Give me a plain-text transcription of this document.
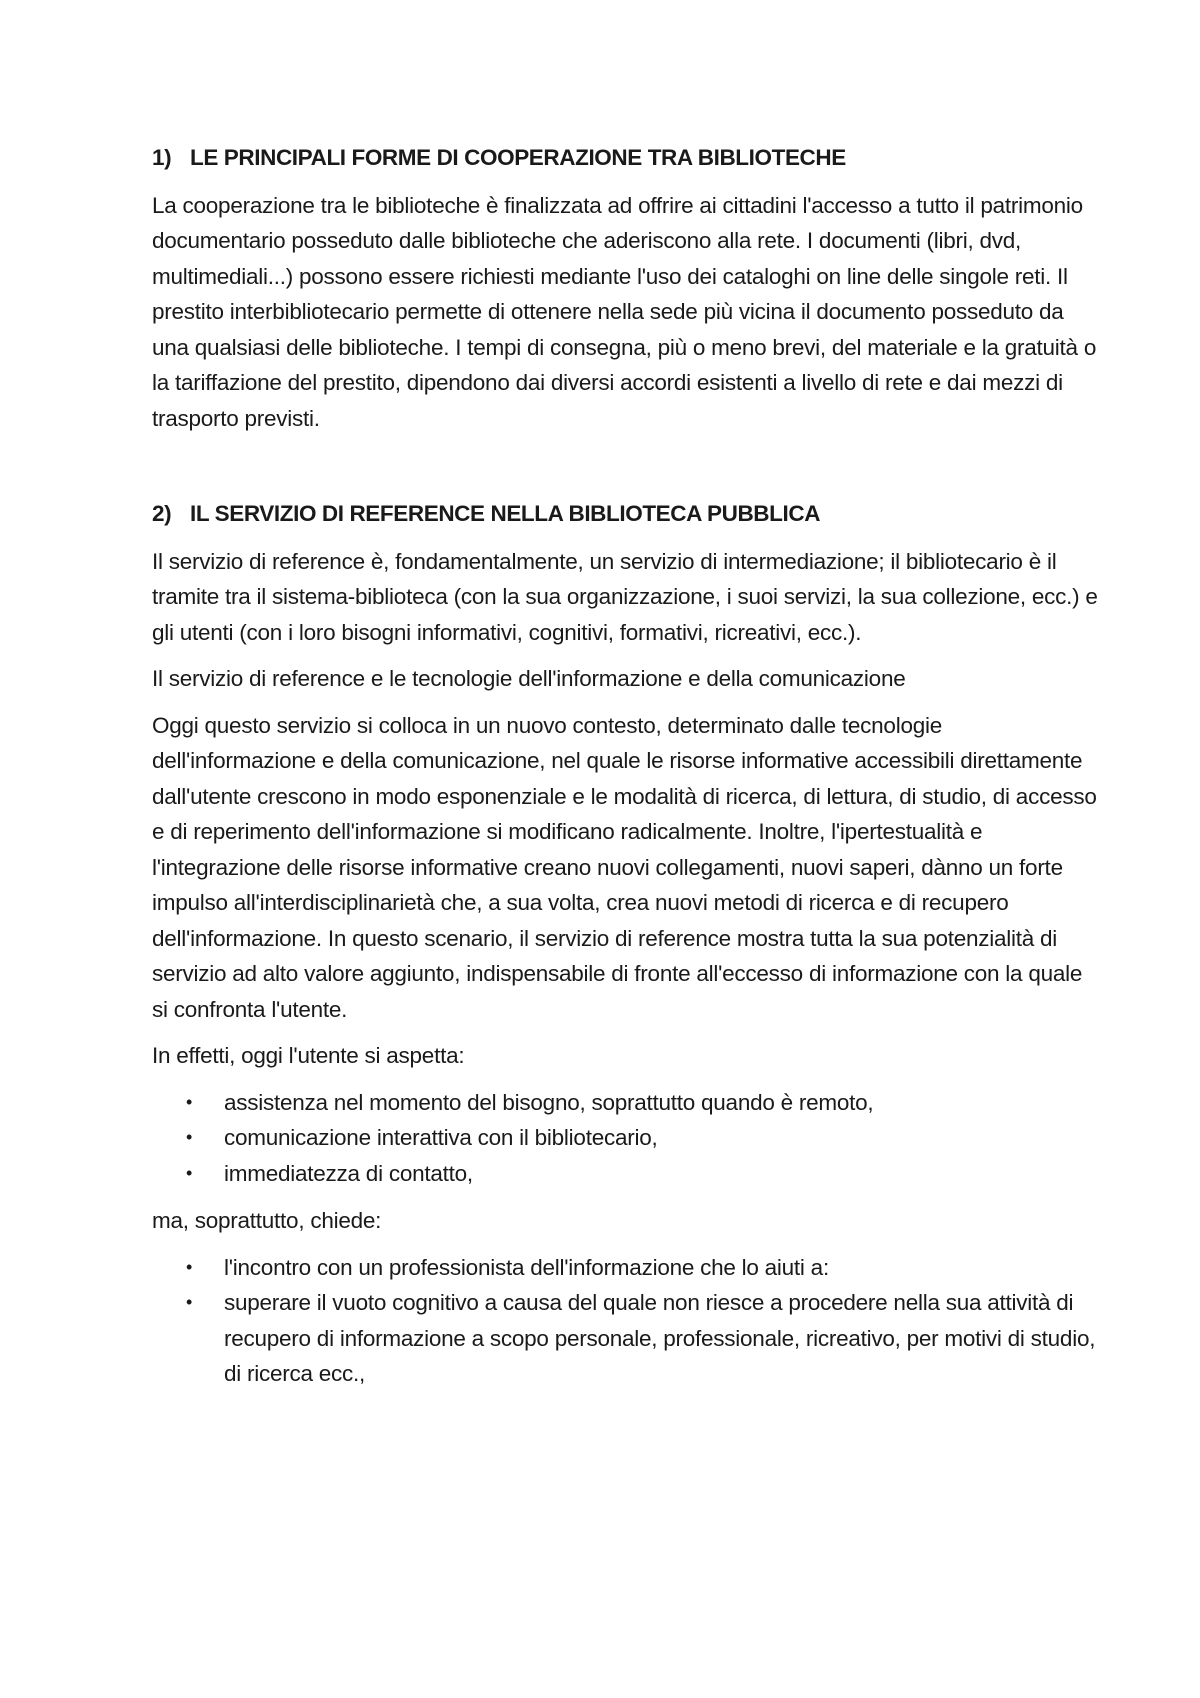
1) LE PRINCIPALI FORME DI COOPERAZIONE TRA BIBLIOTECHE

La cooperazione tra le biblioteche è finalizzata ad offrire ai cittadini l'accesso a tutto il patrimonio documentario posseduto dalle biblioteche che aderiscono alla rete. I documenti (libri, dvd, multimediali...) possono essere richiesti mediante l'uso dei cataloghi on line delle singole reti. Il prestito interbibliotecario permette di ottenere nella sede più vicina il documento posseduto da una qualsiasi delle biblioteche. I tempi di consegna, più o meno brevi, del materiale e la gratuità o la tariffazione del prestito, dipendono dai diversi accordi esistenti a livello di rete e dai mezzi di trasporto previsti.

2) IL SERVIZIO DI REFERENCE NELLA BIBLIOTECA PUBBLICA

Il servizio di reference è, fondamentalmente, un servizio di intermediazione; il bibliotecario è il tramite tra il sistema-biblioteca (con la sua organizzazione, i suoi servizi, la sua collezione, ecc.) e gli utenti (con i loro bisogni informativi, cognitivi, formativi, ricreativi, ecc.).

Il servizio di reference e le tecnologie dell'informazione e della comunicazione

Oggi questo servizio si colloca in un nuovo contesto, determinato dalle tecnologie dell'informazione e della comunicazione, nel quale le risorse informative accessibili direttamente dall'utente crescono in modo esponenziale e le modalità di ricerca, di lettura, di studio, di accesso e di reperimento dell'informazione si modificano radicalmente. Inoltre, l'ipertestualità e l'integrazione delle risorse informative creano nuovi collegamenti, nuovi saperi, dànno un forte impulso all'interdisciplinarietà che, a sua volta, crea nuovi metodi di ricerca e di recupero dell'informazione. In questo scenario, il servizio di reference mostra tutta la sua potenzialità di servizio ad alto valore aggiunto, indispensabile di fronte all'eccesso di informazione con la quale si confronta l'utente.

In effetti, oggi l'utente si aspetta:

• assistenza nel momento del bisogno, soprattutto quando è remoto,
• comunicazione interattiva con il bibliotecario,
• immediatezza di contatto,

ma, soprattutto, chiede:

• l'incontro con un professionista dell'informazione che lo aiuti a:
• superare il vuoto cognitivo a causa del quale non riesce a procedere nella sua attività di recupero di informazione a scopo personale, professionale, ricreativo, per motivi di studio, di ricerca ecc.,
